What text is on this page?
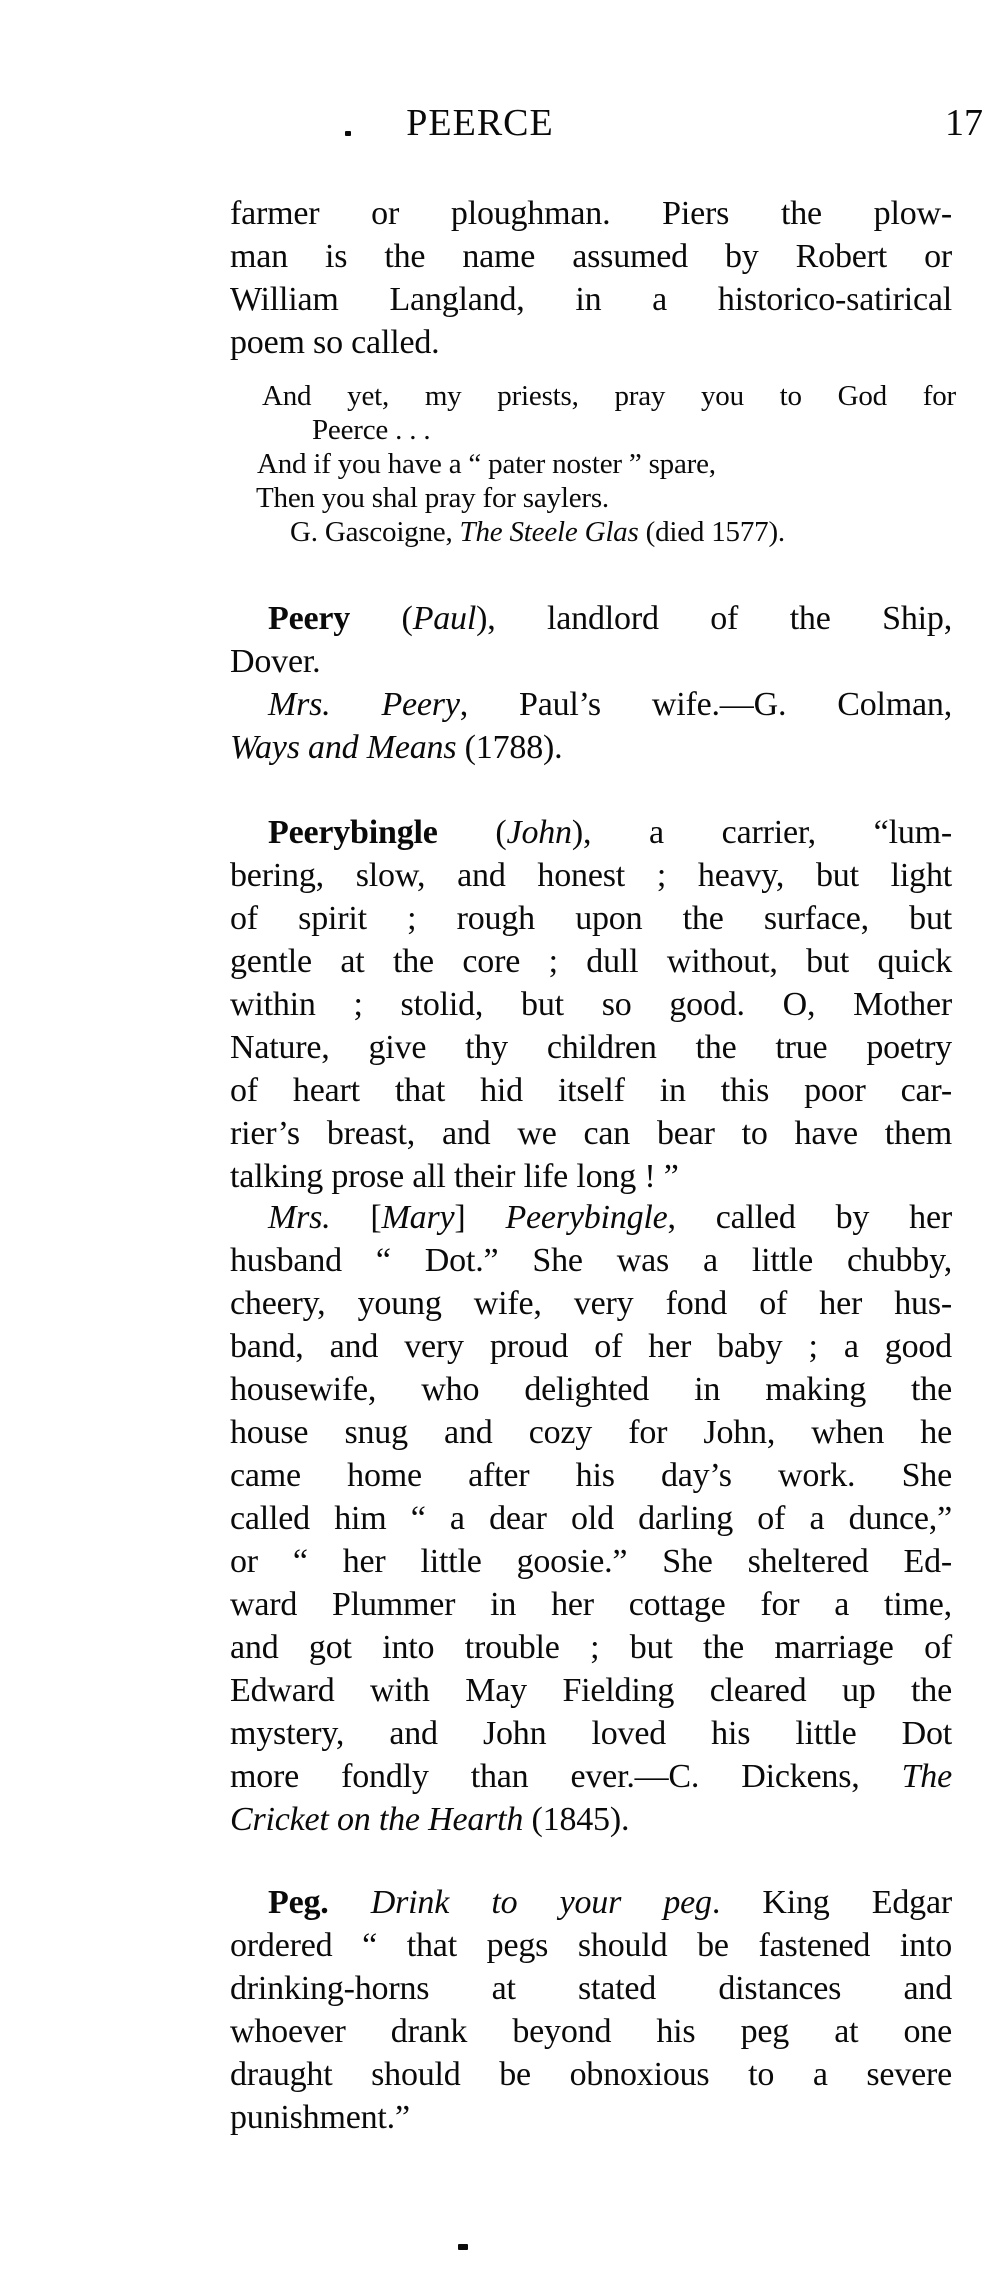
PEERCE	17
farmer or ploughman. Piers the plow-
man is the name assumed by Robert or
William Langland, in a historico-satirical
poem so called.
And yet, my priests, pray you to God for
Peerce . . .
And if you have a “ pater noster ” spare,
Then you shal pray for saylers.
G. Gascoigne, The Steele Glas (died 1577).
Peery (Paul), landlord of the Ship,
Dover.
Mrs. Peery, Paul’s wife.—G. Colman,
Ways and Means (1788).
Peerybingle (John), a carrier, “lum-
bering, slow, and honest ; heavy, but light
of spirit ; rough upon the surface, but
gentle at the core ; dull without, but quick
within ; stolid, but so good. O, Mother
Nature, give thy children the true poetry
of heart that hid itself in this poor car-
rier’s breast, and we can bear to have them
talking prose all their life long ! ”
Mrs. [Mary] Peerybingle, called by her
husband “ Dot.” She was a little chubby,
cheery, young wife, very fond of her hus-
band, and very proud of her baby ; a good
housewife, who delighted in making the
house snug and cozy for John, when he
came home after his day’s work. She
called him “ a dear old darling of a dunce,”
or “ her little goosie.” She sheltered Ed-
ward Plummer in her cottage for a time,
and got into trouble ; but the marriage of
Edward with May Fielding cleared up the
mystery, and John loved his little Dot
more fondly than ever.—C. Dickens, The
Cricket on the Hearth (1845).
Peg. Drink to your peg. King Edgar
ordered “ that pegs should be fastened into
drinking-horns at stated distances and
whoever drank beyond his peg at one
draught should be obnoxious to a severe
punishment.”
